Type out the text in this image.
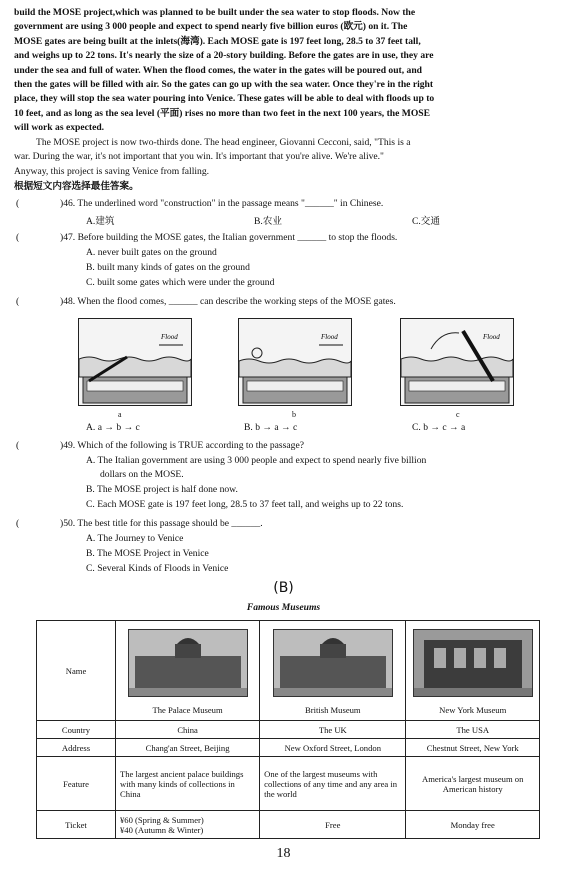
build the MOSE project,which was planned to be built under the sea water to stop floods. Now the
government are using 3 000 people and expect to spend nearly five billion euros (欧元) on it. The
MOSE gates are being built at the inlets(海湾). Each MOSE gate is 197 feet long, 28.5 to 37 feet tall,
and weighs up to 22 tons. It's nearly the size of a 20-story building. Before the gates are in use, they are
under the sea and full of water. When the flood comes, the water in the gates will be poured out, and
then the gates will be filled with air. So the gates can go up with the sea water. Once they're in the right
place, they will stop the sea water pouring into Venice. These gates will be able to deal with floods up to
10 feet, and as long as the sea level (平面) rises no more than two feet in the next 100 years, the MOSE
will work as expected.
The MOSE project is now two-thirds done. The head engineer, Giovanni Cecconi, said, "This is a
war. During the war, it's not important that you win. It's important that you're alive. We're alive."
Anyway, this project is saving Venice from falling.
根据短文内容选择最佳答案。
(	)46. The underlined word "construction" in the passage means "______" in Chinese.
A.建筑	B.农业	C.交通
(	)47. Before building the MOSE gates, the Italian government ______ to stop the floods.
A. never built gates on the ground
B. built many kinds of gates on the ground
C. built some gates which were under the ground
(	)48. When the flood comes, ______ can describe the working steps of the MOSE gates.
Flood
a
Flood
b
Flood
c
A. a → b → c	B. b → a → c	C. b → c → a
(	)49. Which of the following is TRUE according to the passage?
A. The Italian government are using 3 000 people and expect to spend nearly five billion
dollars on the MOSE.
B. The MOSE project is half done now.
C. Each MOSE gate is 197 feet long, 28.5 to 37 feet tall, and weighs up to 22 tons.
(	)50. The best title for this passage should be ______.
A. The Journey to Venice
B. The MOSE Project in Venice
C. Several Kinds of Floods in Venice
(B)
Famous Museums
Name	The Palace Museum	British Museum	New York Museum

Country	China	The UK	The USA
Address	Chang'an Street, Beijing	New Oxford Street, London	Chestnut Street, New York
Feature	The largest ancient palace buildings with many kinds of collections in China	One of the largest museums with collections of any time and any area in the world	America's largest museum on American history
Ticket	¥60 (Spring & Summer)
¥40 (Autumn & Winter)	Free	Monday free
18
